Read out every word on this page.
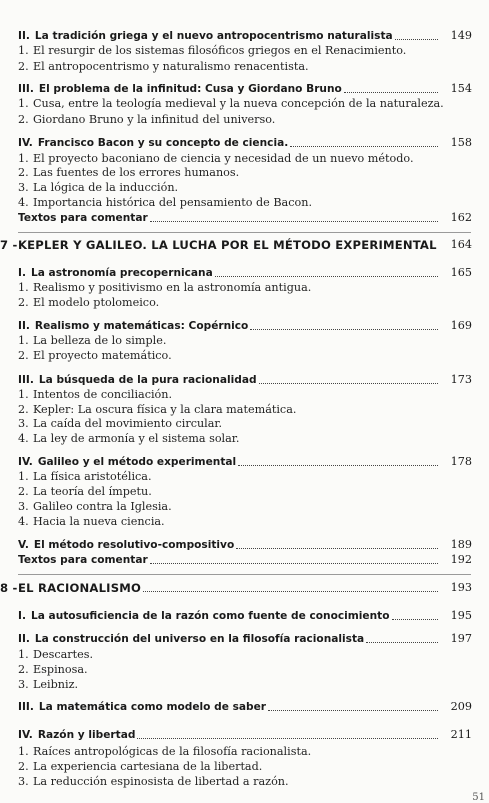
II. La tradición griega y el nuevo antropocentrismo naturalista	149
1. El resurgir de los sistemas filosóficos griegos en el Renacimiento.
2. El antropocentrismo y naturalismo renacentista.
III. El problema de la infinitud: Cusa y Giordano Bruno	154
1. Cusa, entre la teología medieval y la nueva concepción de la naturaleza.
2. Giordano Bruno y la infinitud del universo.
IV. Francisco Bacon y su concepto de ciencia.	158
1. El proyecto baconiano de ciencia y necesidad de un nuevo método.
2. Las fuentes de los errores humanos.
3. La lógica de la inducción.
4. Importancia histórica del pensamiento de Bacon.
Textos para comentar	162
7 - KEPLER Y GALILEO. LA LUCHA POR EL MÉTODO EXPERIMENTAL 164
I. La astronomía precopernicana	165
1. Realismo y positivismo en la astronomía antigua.
2. El modelo ptolomeico.
II. Realismo y matemáticas: Copérnico	169
1. La belleza de lo simple.
2. El proyecto matemático.
III. La búsqueda de la pura racionalidad	173
1. Intentos de conciliación.
2. Kepler: La oscura física y la clara matemática.
3. La caída del movimiento circular.
4. La ley de armonía y el sistema solar.
IV. Galileo y el método experimental	178
1. La física aristotélica.
2. La teoría del ímpetu.
3. Galileo contra la Iglesia.
4. Hacia la nueva ciencia.
V. El método resolutivo-compositivo	189
Textos para comentar	192
8 - EL RACIONALISMO	193
I. La autosuficiencia de la razón como fuente de conocimiento	195
II. La construcción del universo en la filosofía racionalista	197
1. Descartes.
2. Espinosa.
3. Leibniz.
III. La matemática como modelo de saber	209
IV. Razón y libertad	211
1. Raíces antropológicas de la filosofía racionalista.
2. La experiencia cartesiana de la libertad.
3. La reducción espinosista de libertad a razón.
51
